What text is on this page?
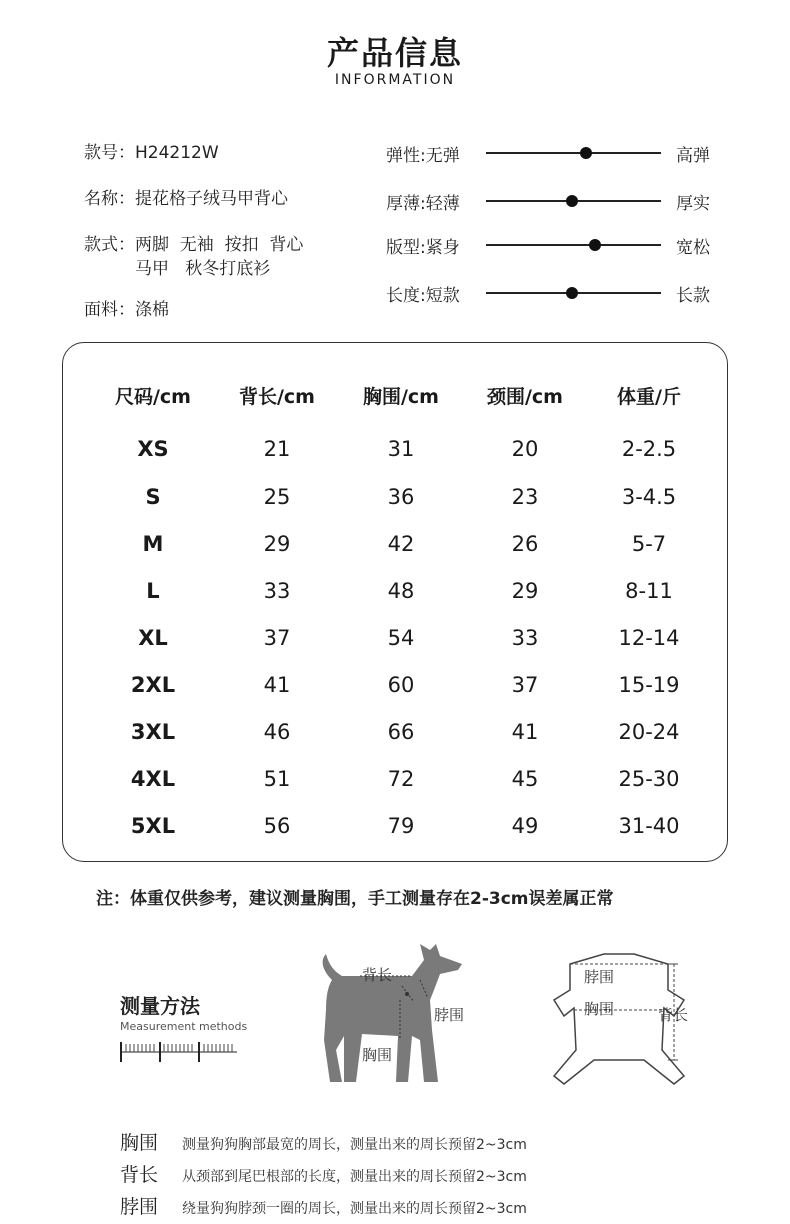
产品信息
INFORMATION
款号：H24212W
名称：提花格子绒马甲背心
款式：两脚  无袖  按扣  背心
马甲   秋冬打底衫
面料：涤棉
弹性:无弹	高弹
厚薄:轻薄	厚实
版型:紧身	宽松
长度:短款	长款
尺码/cm	背长/cm	胸围/cm	颈围/cm	体重/斤
XS	21	31	20	2-2.5
S	25	36	23	3-4.5
M	29	42	26	5-7
L	33	48	29	8-11
XL	37	54	33	12-14
2XL	41	60	37	15-19
3XL	46	66	41	20-24
4XL	51	72	45	25-30
5XL	56	79	49	31-40
注：体重仅供参考，建议测量胸围，手工测量存在2-3cm误差属正常
测量方法
Measurement methods
背长
脖围
胸围
脖围
胸围	背长
胸围 测量狗狗胸部最宽的周长，测量出来的周长预留2~3cm
背长 从颈部到尾巴根部的长度，测量出来的周长预留2~3cm
脖围 绕量狗狗脖颈一圈的周长，测量出来的周长预留2~3cm
